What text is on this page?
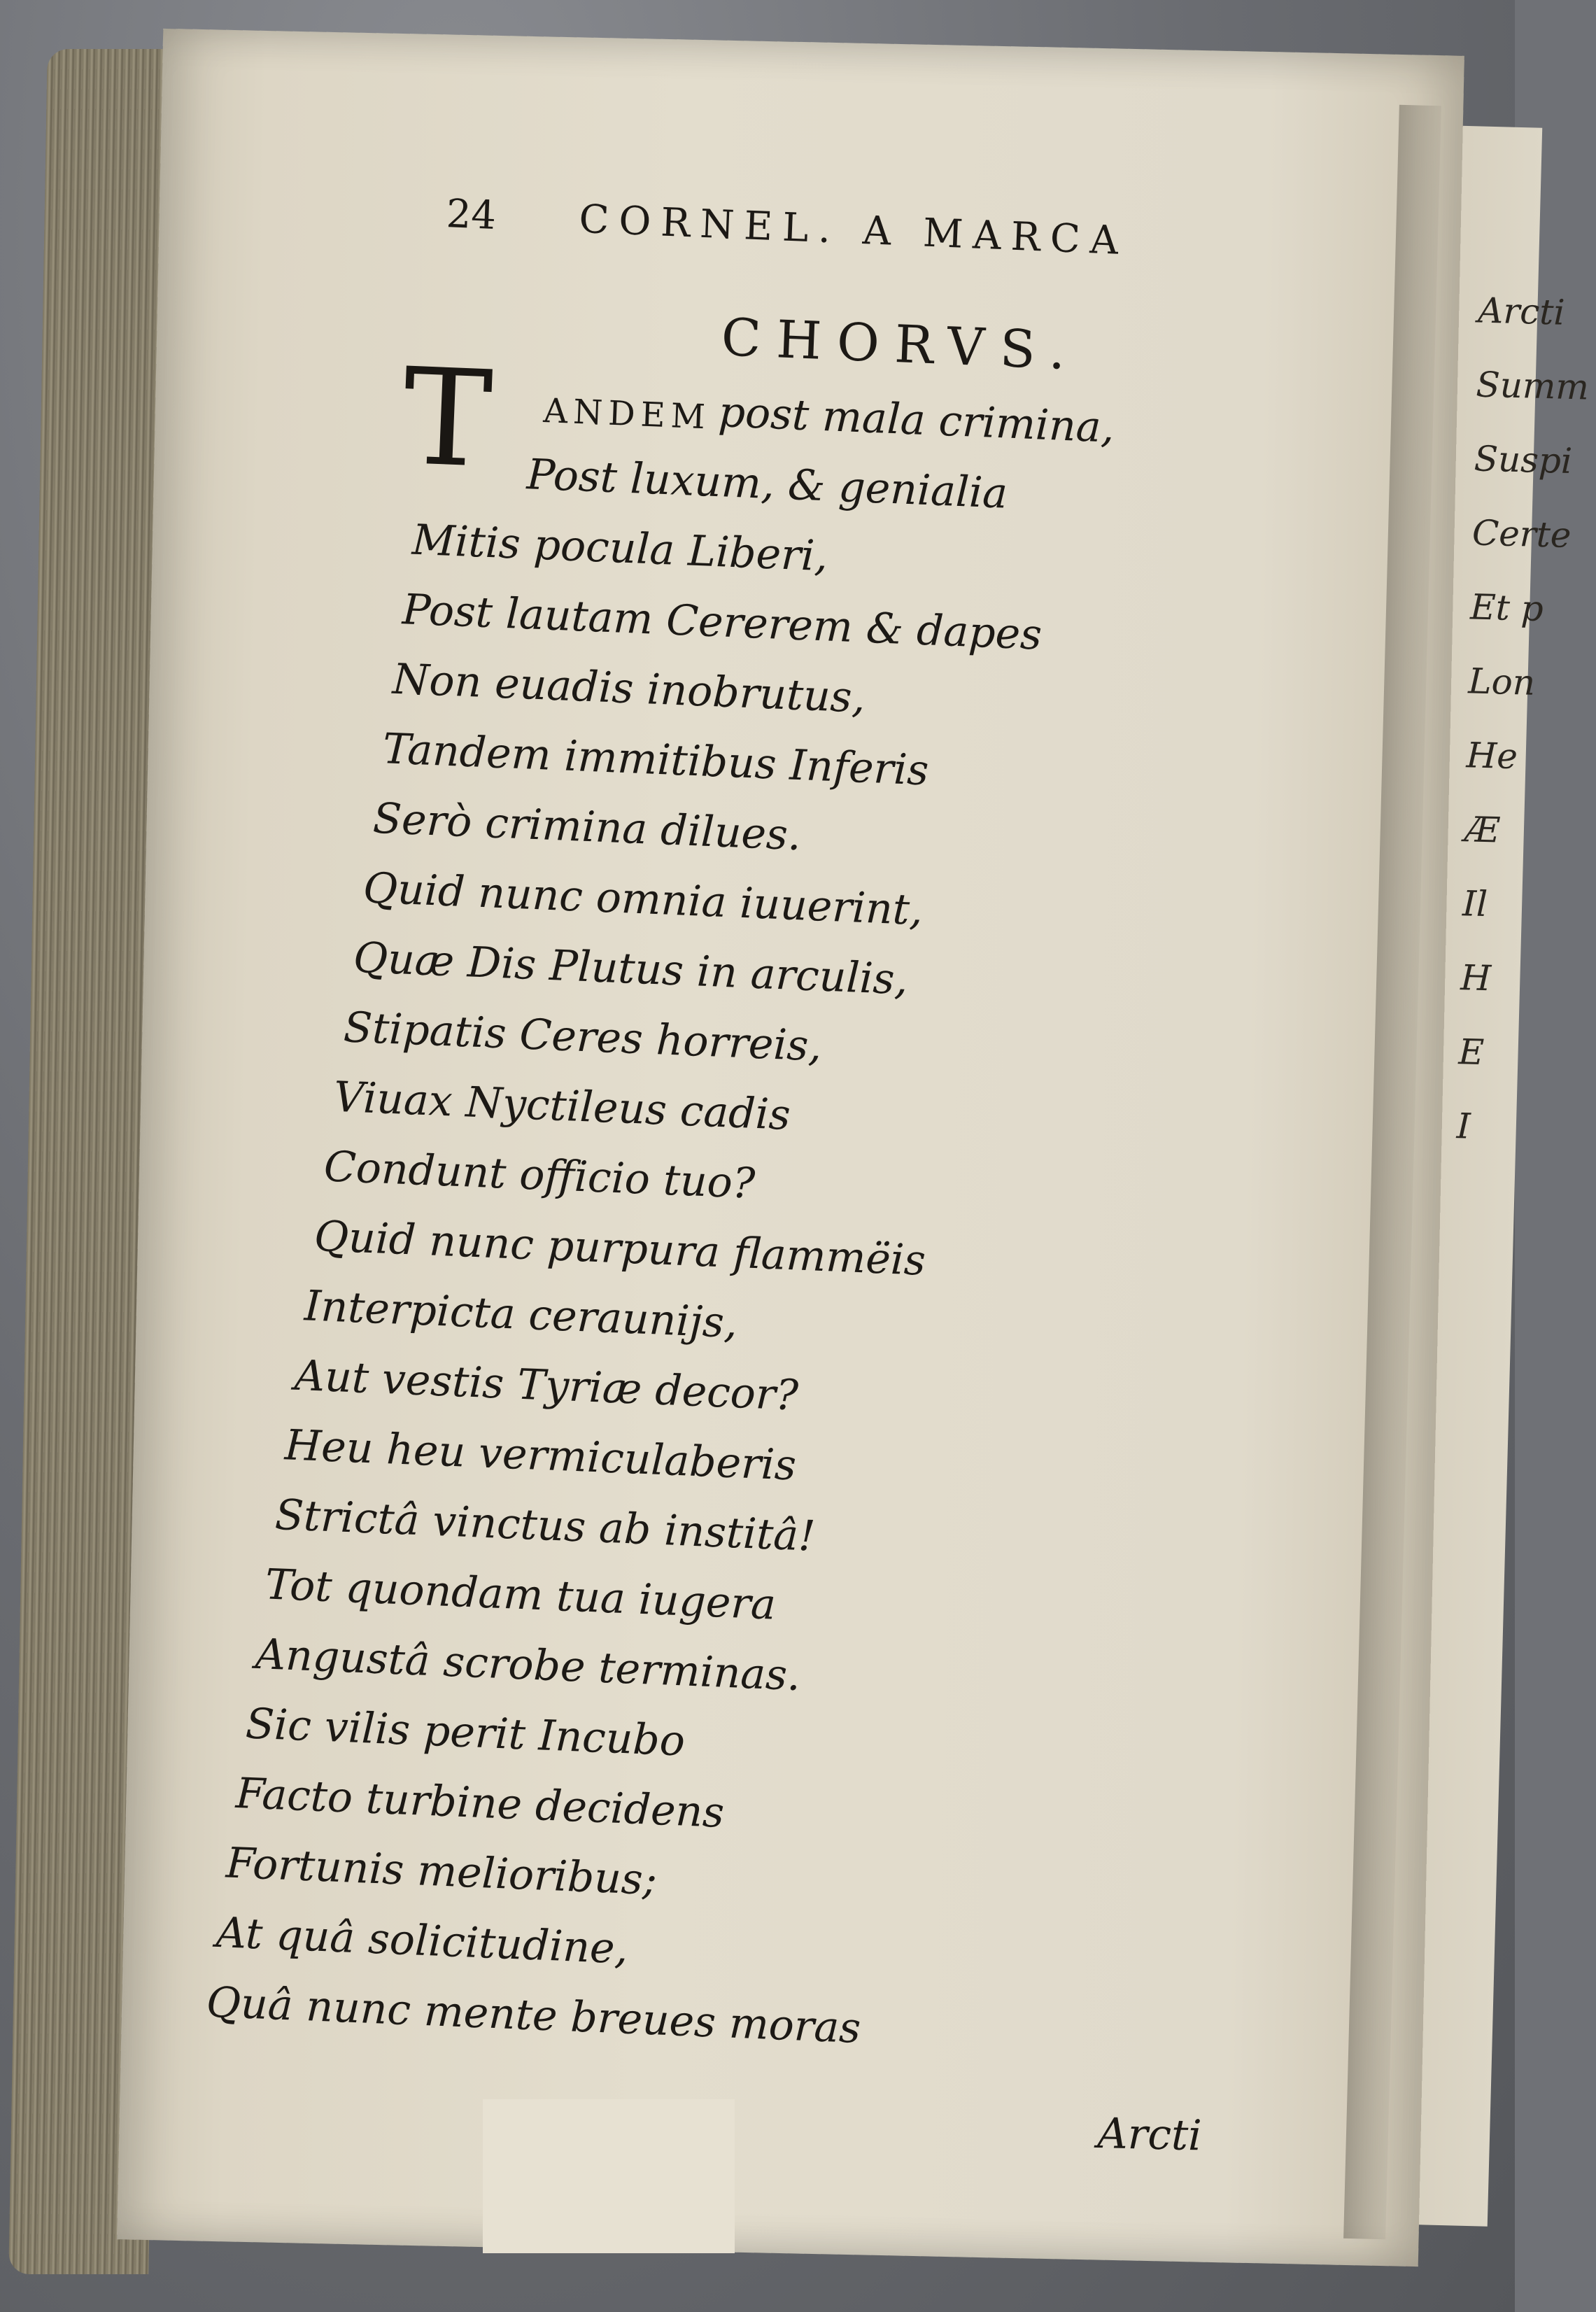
Arcti
Summ
Suspi
Certe
Et p
Lon
He
Æ
Il
H
E
I
24 CORNEL. A MARCA
CHORVS.
T ANDEM post mala crimina,
Post luxum, & genialia
Mitis pocula Liberi,
Post lautam Cererem & dapes
Non euadis inobrutus,
Tandem immitibus Inferis
Serò crimina dilues.
Quid nunc omnia iuuerint,
Quæ Dis Plutus in arculis,
Stipatis Ceres horreis,
Viuax Nyctileus cadis
Condunt officio tuo?
Quid nunc purpura flammëis
Interpicta ceraunijs,
Aut vestis Tyriæ decor?
Heu heu vermiculaberis
Strictâ vinctus ab institâ!
Tot quondam tua iugera
Angustâ scrobe terminas.
Sic vilis perit Incubo
Facto turbine decidens
Fortunis melioribus;
At quâ solicitudine,
Quâ nunc mente breues moras
Arcti
